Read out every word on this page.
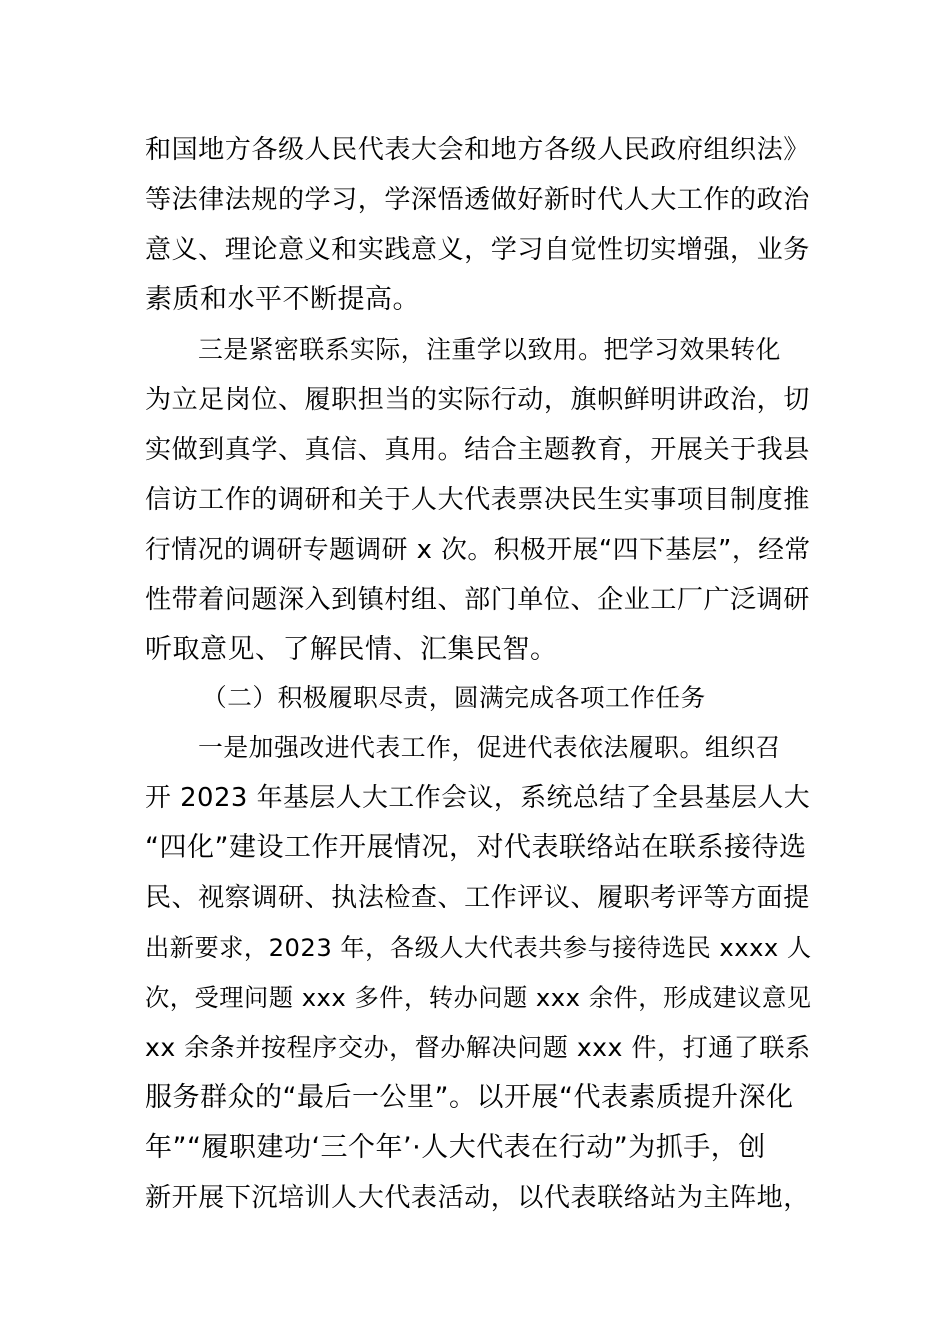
和国地方各级人民代表大会和地方各级人民政府组织法》
等法律法规的学习，学深悟透做好新时代人大工作的政治
意义、理论意义和实践意义，学习自觉性切实增强，业务
素质和水平不断提高。
三是紧密联系实际，注重学以致用。把学习效果转化
为立足岗位、履职担当的实际行动，旗帜鲜明讲政治，切
实做到真学、真信、真用。结合主题教育，开展关于我县
信访工作的调研和关于人大代表票决民生实事项目制度推
行情况的调研专题调研 x 次。积极开展“四下基层”，经常
性带着问题深入到镇村组、部门单位、企业工厂广泛调研
听取意见、了解民情、汇集民智。
（二）积极履职尽责，圆满完成各项工作任务
一是加强改进代表工作，促进代表依法履职。组织召
开 2023 年基层人大工作会议，系统总结了全县基层人大
“四化”建设工作开展情况，对代表联络站在联系接待选
民、视察调研、执法检查、工作评议、履职考评等方面提
出新要求，2023 年，各级人大代表共参与接待选民 xxxx 人
次，受理问题 xxx 多件，转办问题 xxx 余件，形成建议意见
xx 余条并按程序交办，督办解决问题 xxx 件，打通了联系
服务群众的“最后一公里”。以开展“代表素质提升深化
年”“履职建功‘三个年’·人大代表在行动”为抓手，创
新开展下沉培训人大代表活动，以代表联络站为主阵地，
